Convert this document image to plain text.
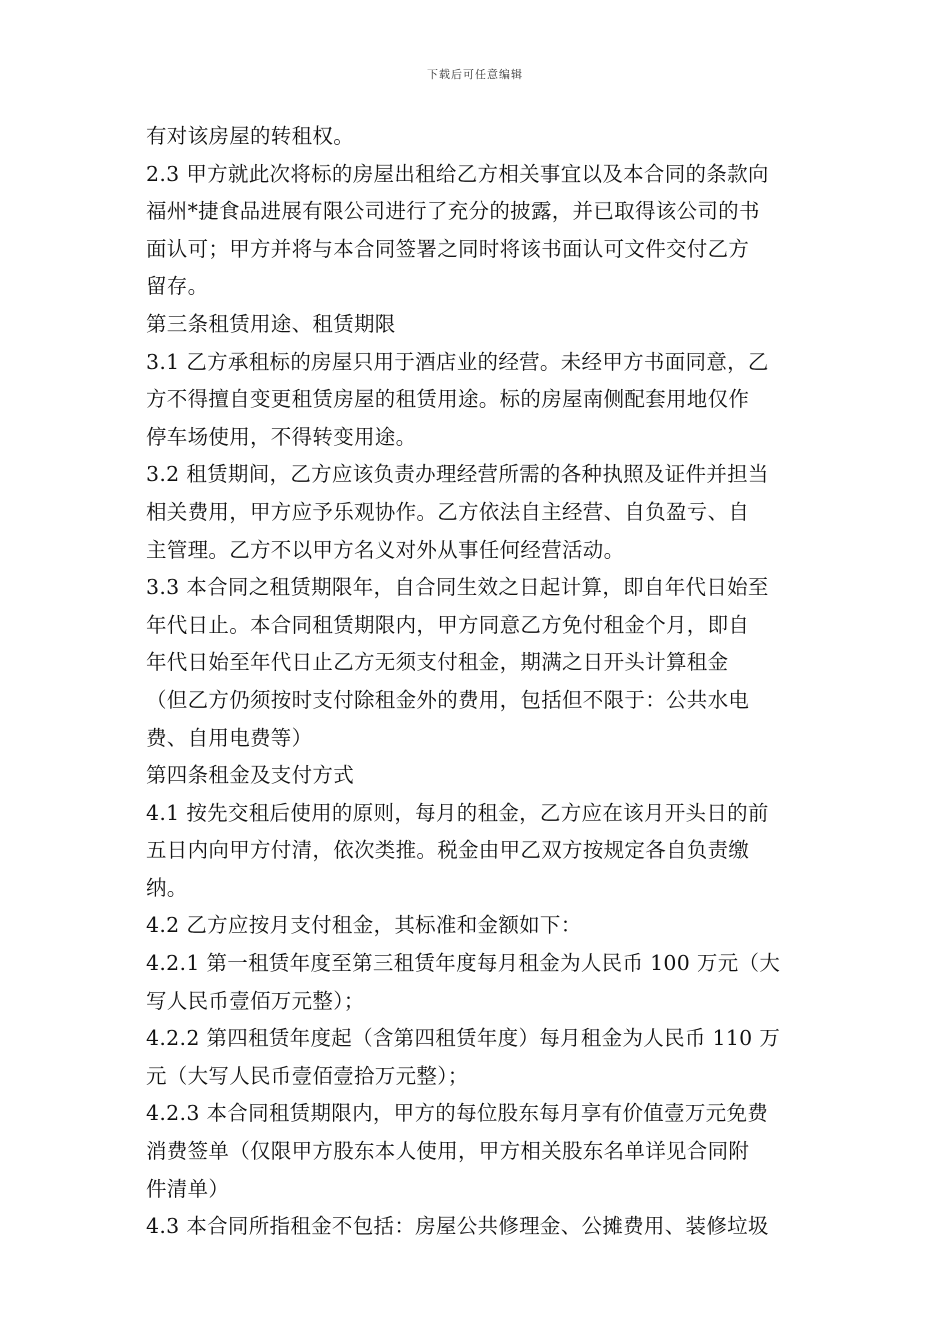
下载后可任意编辑
有对该房屋的转租权。
2.3 甲方就此次将标的房屋出租给乙方相关事宜以及本合同的条款向
福州*捷食品进展有限公司进行了充分的披露，并已取得该公司的书
面认可；甲方并将与本合同签署之同时将该书面认可文件交付乙方
留存。
第三条租赁用途、租赁期限
3.1 乙方承租标的房屋只用于酒店业的经营。未经甲方书面同意，乙
方不得擅自变更租赁房屋的租赁用途。标的房屋南侧配套用地仅作
停车场使用，不得转变用途。
3.2 租赁期间，乙方应该负责办理经营所需的各种执照及证件并担当
相关费用，甲方应予乐观协作。乙方依法自主经营、自负盈亏、自
主管理。乙方不以甲方名义对外从事任何经营活动。
3.3 本合同之租赁期限年，自合同生效之日起计算，即自年代日始至
年代日止。本合同租赁期限内，甲方同意乙方免付租金个月，即自
年代日始至年代日止乙方无须支付租金，期满之日开头计算租金
（但乙方仍须按时支付除租金外的费用，包括但不限于：公共水电
费、自用电费等）
第四条租金及支付方式
4.1 按先交租后使用的原则，每月的租金，乙方应在该月开头日的前
五日内向甲方付清，依次类推。税金由甲乙双方按规定各自负责缴
纳。
4.2 乙方应按月支付租金，其标准和金额如下：
4.2.1 第一租赁年度至第三租赁年度每月租金为人民币 100 万元（大
写人民币壹佰万元整）；
4.2.2 第四租赁年度起（含第四租赁年度）每月租金为人民币 110 万
元（大写人民币壹佰壹拾万元整）；
4.2.3 本合同租赁期限内，甲方的每位股东每月享有价值壹万元免费
消费签单（仅限甲方股东本人使用，甲方相关股东名单详见合同附
件清单）
4.3 本合同所指租金不包括：房屋公共修理金、公摊费用、装修垃圾
